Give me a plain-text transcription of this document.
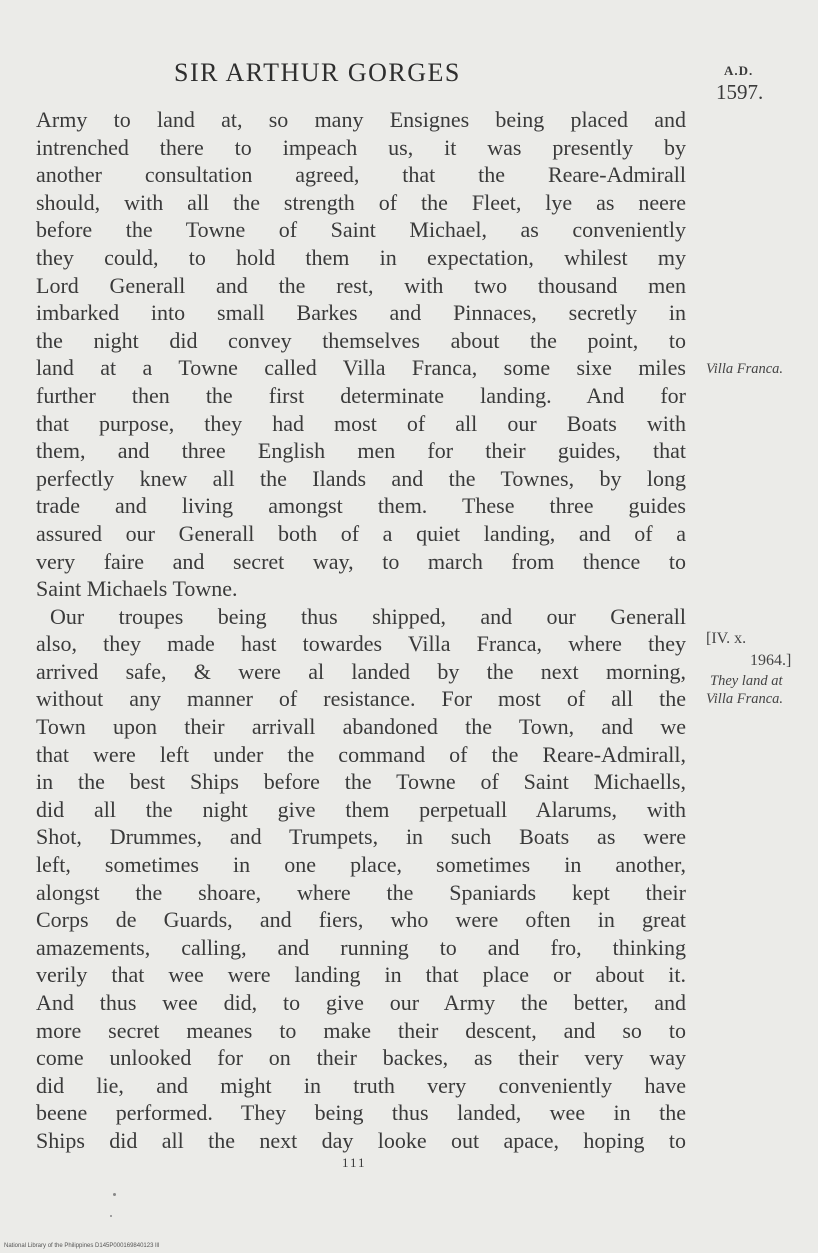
SIR ARTHUR GORGES	A.D.
1597.
Army to land at, so many Ensignes being placed and
intrenched there to impeach us, it was presently by
another consultation agreed, that the Reare-Admirall
should, with all the strength of the Fleet, lye as neere
before the Towne of Saint Michael, as conveniently
they could, to hold them in expectation, whilest my
Lord Generall and the rest, with two thousand men
imbarked into small Barkes and Pinnaces, secretly in
the night did convey themselves about the point, to
land at a Towne called Villa Franca, some sixe miles
further then the first determinate landing. And for
that purpose, they had most of all our Boats with
them, and three English men for their guides, that
perfectly knew all the Ilands and the Townes, by long
trade and living amongst them. These three guides
assured our Generall both of a quiet landing, and of a
very faire and secret way, to march from thence to
Saint Michaels Towne.
Our troupes being thus shipped, and our Generall
also, they made hast towardes Villa Franca, where they
arrived safe, & were al landed by the next morning,
without any manner of resistance. For most of all the
Town upon their arrivall abandoned the Town, and we
that were left under the command of the Reare-Admirall,
in the best Ships before the Towne of Saint Michaells,
did all the night give them perpetuall Alarums, with
Shot, Drummes, and Trumpets, in such Boats as were
left, sometimes in one place, sometimes in another,
alongst the shoare, where the Spaniards kept their
Corps de Guards, and fiers, who were often in great
amazements, calling, and running to and fro, thinking
verily that wee were landing in that place or about it.
And thus wee did, to give our Army the better, and
more secret meanes to make their descent, and so to
come unlooked for on their backes, as their very way
did lie, and might in truth very conveniently have
beene performed. They being thus landed, wee in the
Ships did all the next day looke out apace, hoping to
Villa Franca.
[IV. x.
1964.]
They land at
Villa Franca.
111
National Library of the Philippines D145P000169840123 lll
